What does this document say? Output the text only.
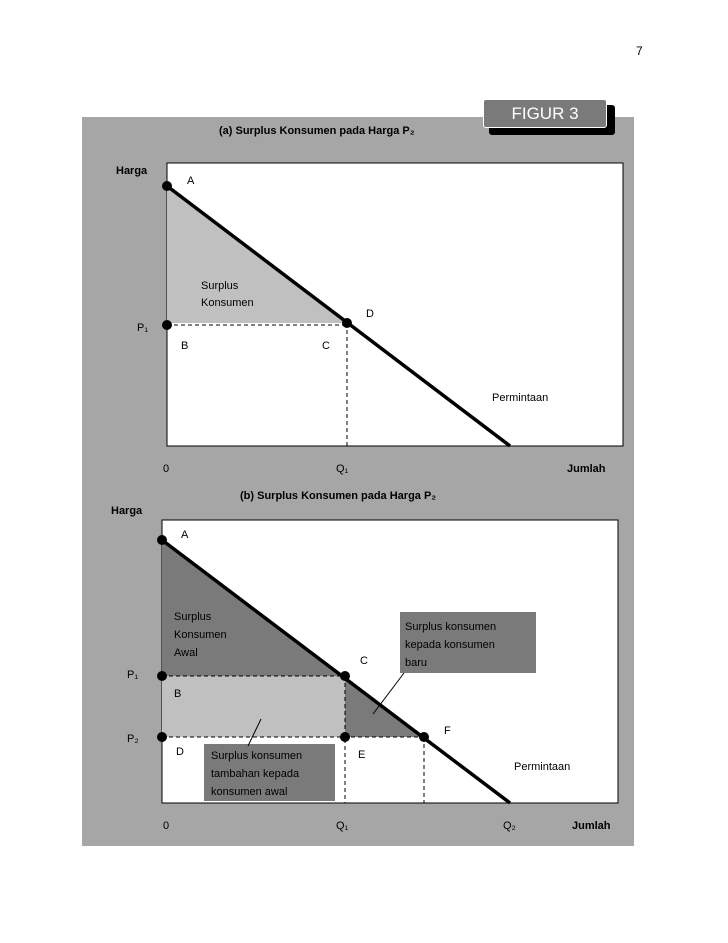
7
FIGUR 3
(a) Surplus Konsumen pada Harga P₂
Harga
A
Surplus
Konsumen
D
P₁
B	C
Permintaan
0	Q₁	Jumlah
(b) Surplus Konsumen pada Harga P₂
Harga
Surplus konsumen
kepada konsumen
baru
Surplus konsumen
tambahan kepada
konsumen awal
A
Surplus
Konsumen
Awal
C
P₁
B
F
P₂
D	E
Permintaan
0	Q₁	Q₂	Jumlah
